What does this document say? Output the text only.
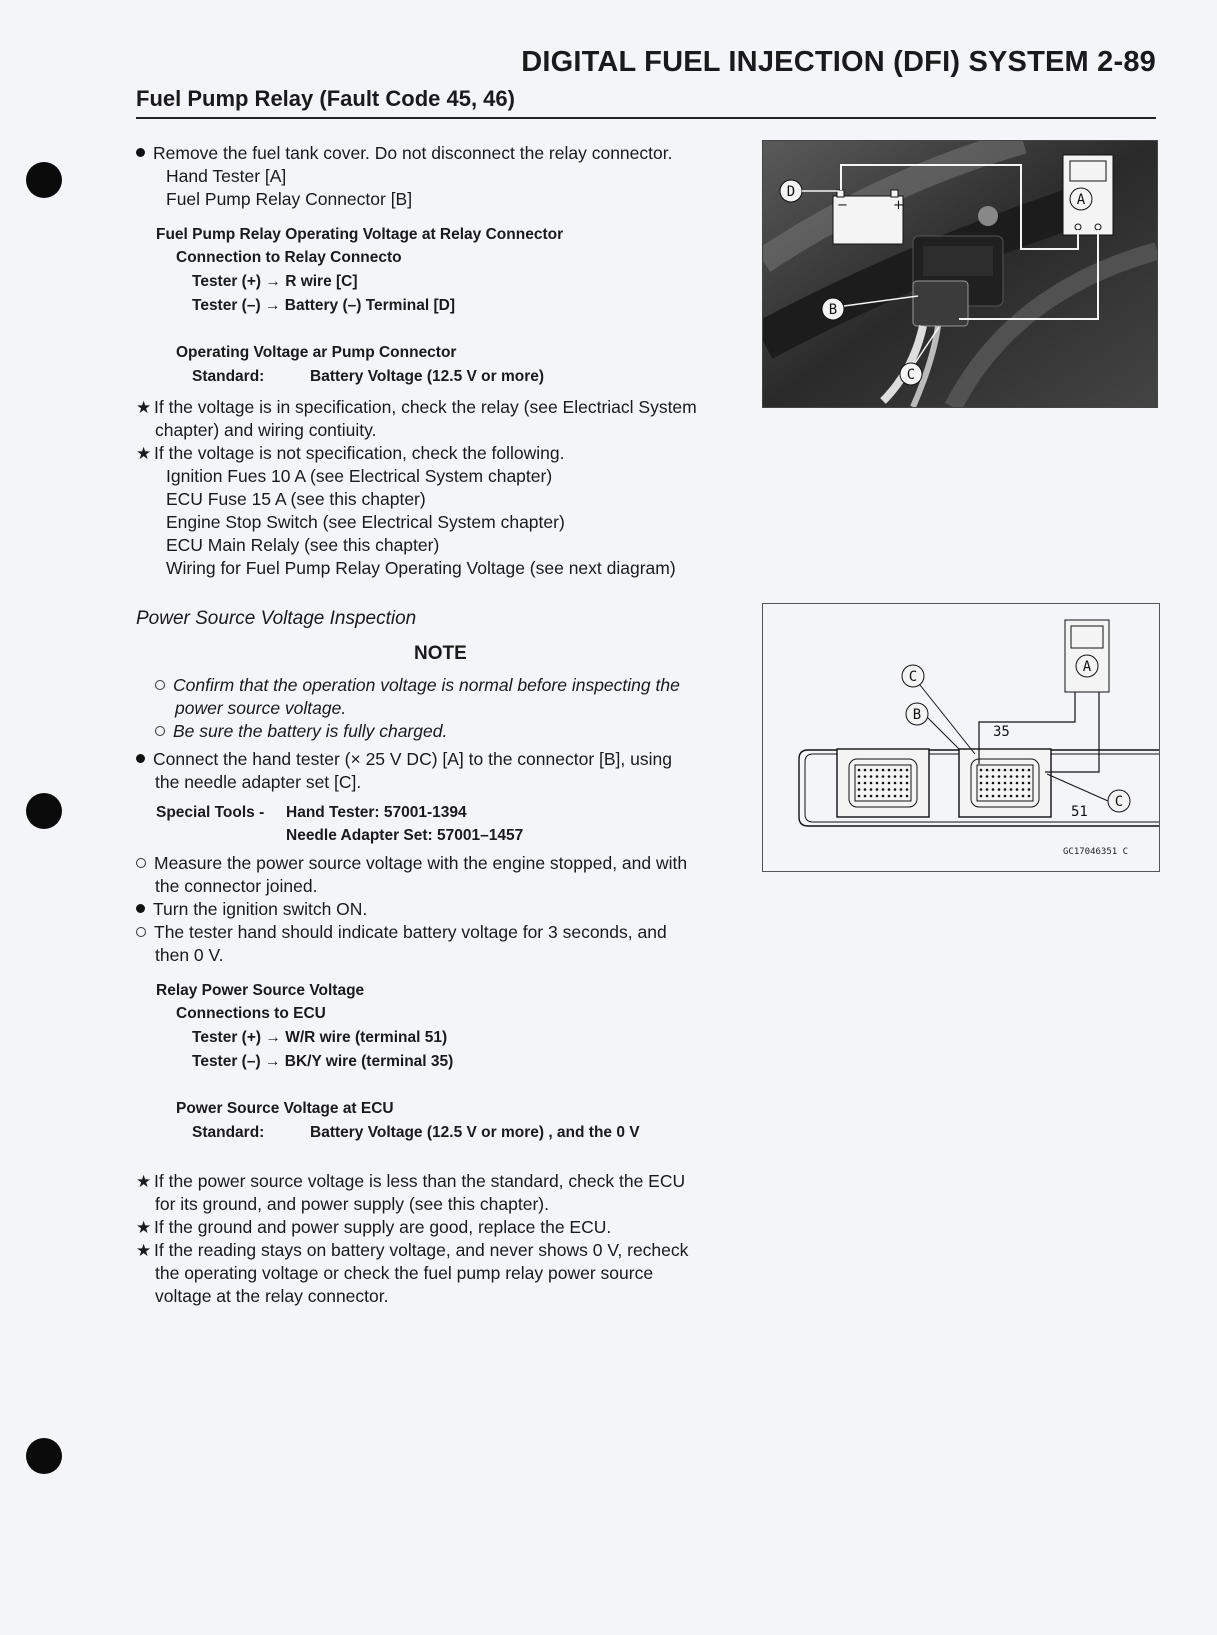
DIGITAL FUEL INJECTION (DFI) SYSTEM 2-89
Fuel Pump Relay (Fault Code 45, 46)
Remove the fuel tank cover. Do not disconnect the relay connector.
Hand Tester [A]
Fuel Pump Relay Connector [B]
Fuel Pump Relay Operating Voltage at Relay Connector
Connection to Relay Connecto
Tester (+) → R wire [C]
Tester (–) → Battery (–) Terminal [D]
Operating Voltage ar Pump Connector
Standard:	Battery Voltage (12.5 V or more)
★ If the voltage is in specification, check the relay (see Electriacl System
chapter) and wiring contiuity.
★ If the voltage is not specification, check the following.
Ignition Fues 10 A (see Electrical System chapter)
ECU Fuse 15 A (see this chapter)
Engine Stop Switch (see Electrical System chapter)
ECU Main Relaly (see this chapter)
Wiring for Fuel Pump Relay Operating Voltage (see next diagram)
Power Source Voltage Inspection
NOTE
Confirm that the operation voltage is normal before inspecting the
power source voltage.
Be sure the battery is fully charged.
Connect the hand tester (× 25 V DC) [A] to the connector [B], using
the needle adapter set [C].
Special Tools - Hand Tester: 57001-1394
Needle Adapter Set: 57001–1457
Measure the power source voltage with the engine stopped, and with
the connector joined.
Turn the ignition switch ON.
The tester hand should indicate battery voltage for 3 seconds, and
then 0 V.
Relay Power Source Voltage
Connections to ECU
Tester (+) → W/R wire (terminal 51)
Tester (–) → BK/Y wire (terminal 35)
Power Source Voltage at ECU
Standard:	Battery Voltage (12.5 V or more) , and the 0 V
★ If the power source voltage is less than the standard, check the ECU
for its ground, and power supply (see this chapter).
★ If the ground and power supply are good, replace the ECU.
★ If the reading stays on battery voltage, and never shows 0 V, recheck
the operating voltage or check the fuel pump relay power source
voltage at the relay connector.
−	+
D	A
B
C
A
35
51
C
B
C
GC17046351 C
